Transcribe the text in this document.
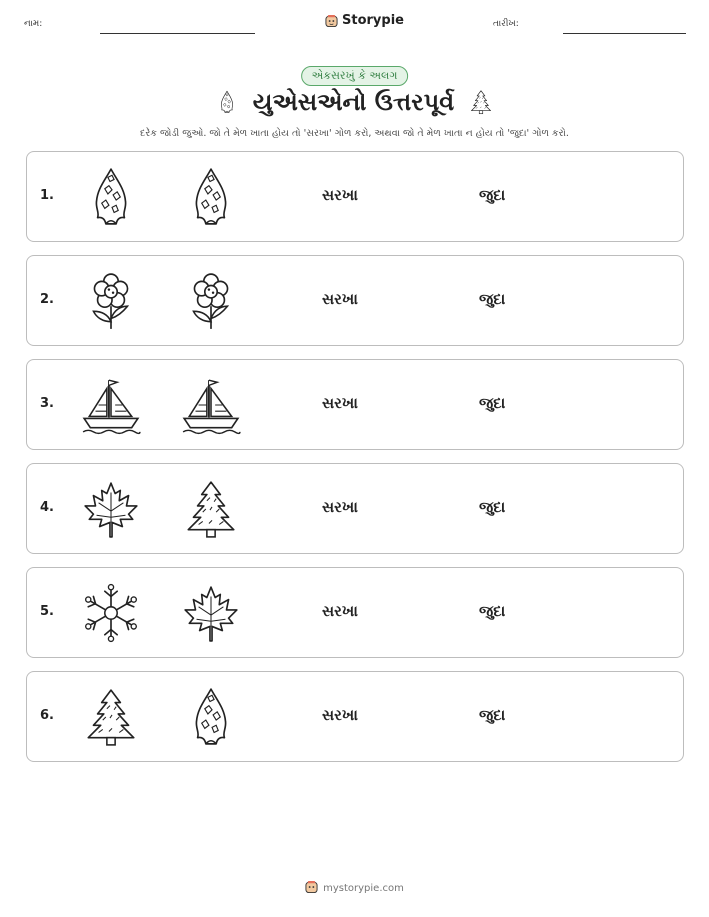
નામ:	Storypie	તારીખ:
એકસરખું કે અલગ
યુએસએનો ઉત્તરપૂર્વ
દરેક જોડી જુઓ. જો તે મેળ ખાતા હોય તો 'સરખા' ગોળ કરો, અથવા જો તે મેળ ખાતા ન હોય તો 'જુદા' ગોળ કરો.
1.	સરખા	જુદા
2.	સરખા	જુદા
3.	સરખા	જુદા
4.	સરખા	જુદા
5.	સરખા	જુદા
6.	સરખા	જુદા
mystorypie.com
